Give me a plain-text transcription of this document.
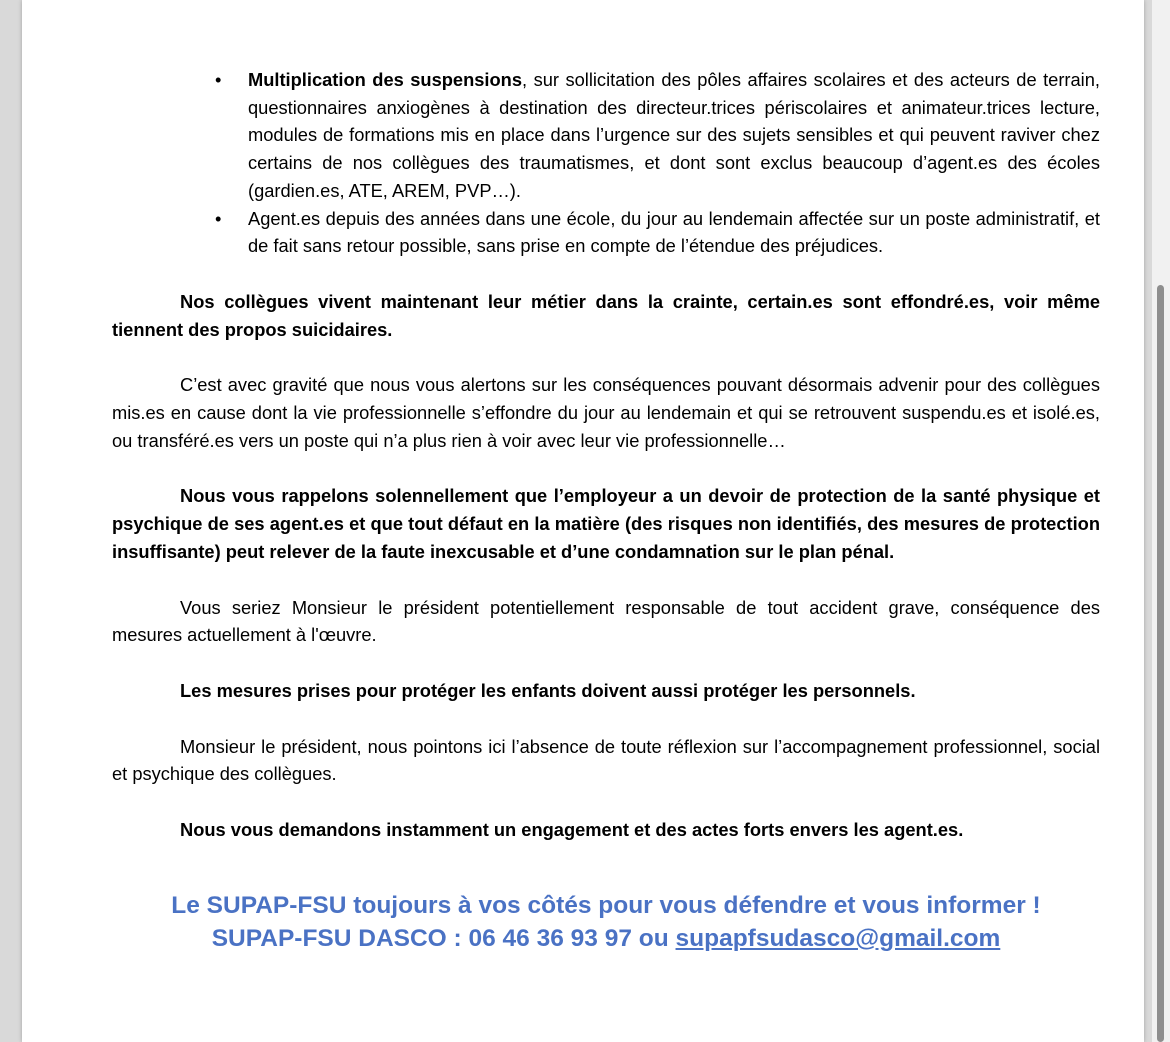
• Multiplication des suspensions, sur sollicitation des pôles affaires scolaires et des acteurs de terrain, questionnaires anxiogènes à destination des directeur.trices périscolaires et animateur.trices lecture, modules de formations mis en place dans l’urgence sur des sujets sensibles et qui peuvent raviver chez certains de nos collègues des traumatismes, et dont sont exclus beaucoup d’agent.es des écoles (gardien.es, ATE, AREM, PVP…).
• Agent.es depuis des années dans une école, du jour au lendemain affectée sur un poste administratif, et de fait sans retour possible, sans prise en compte de l’étendue des préjudices.

Nos collègues vivent maintenant leur métier dans la crainte, certain.es sont effondré.es, voir même tiennent des propos suicidaires.

C’est avec gravité que nous vous alertons sur les conséquences pouvant désormais advenir pour des collègues mis.es en cause dont la vie professionnelle s’effondre du jour au lendemain et qui se retrouvent suspendu.es et isolé.es, ou transféré.es vers un poste qui n’a plus rien à voir avec leur vie professionnelle…

Nous vous rappelons solennellement que l’employeur a un devoir de protection de la santé physique et psychique de ses agent.es et que tout défaut en la matière (des risques non identifiés, des mesures de protection insuffisante) peut relever de la faute inexcusable et d’une condamnation sur le plan pénal.

Vous seriez Monsieur le président potentiellement responsable de tout accident grave, conséquence des mesures actuellement à l'œuvre.

Les mesures prises pour protéger les enfants doivent aussi protéger les personnels.

Monsieur le président, nous pointons ici l’absence de toute réflexion sur l’accompagnement professionnel, social et psychique des collègues.

Nous vous demandons instamment un engagement et des actes forts envers les agent.es.

Le SUPAP-FSU toujours à vos côtés pour vous défendre et vous informer !
SUPAP-FSU DASCO : 06 46 36 93 97 ou supapfsudasco@gmail.com
